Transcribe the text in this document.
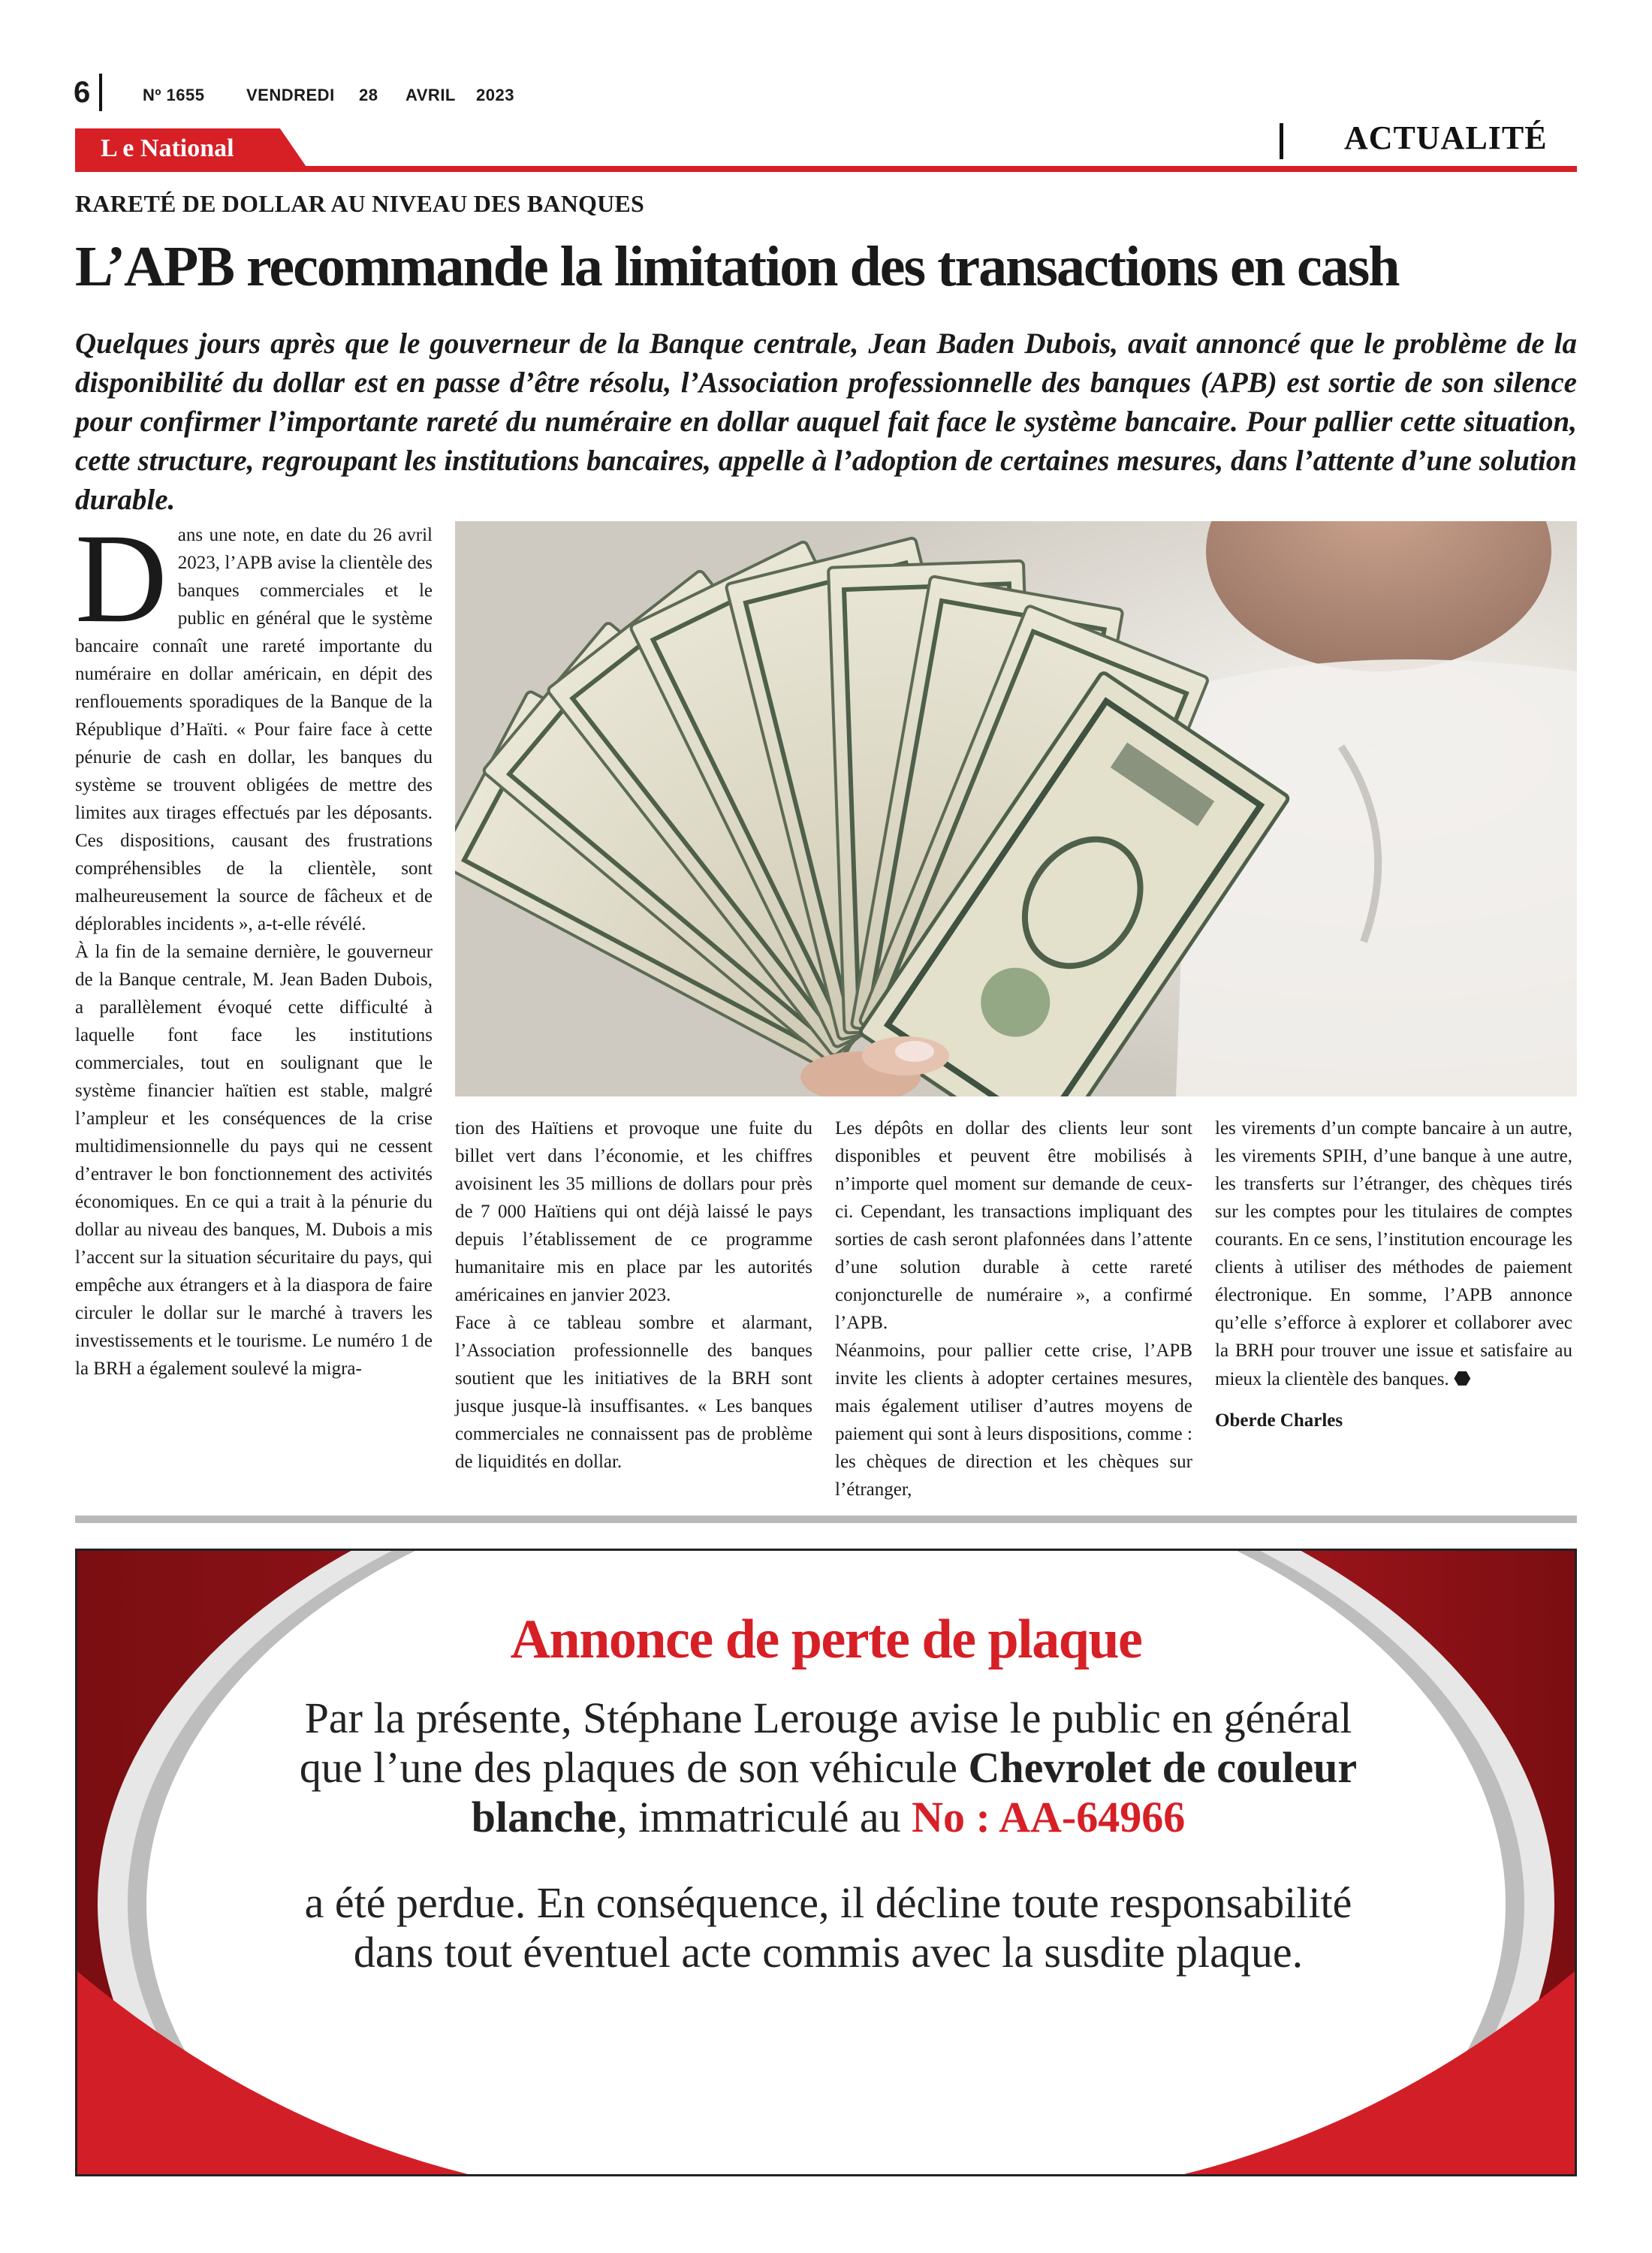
6	Nº 1655	VENDREDI 28 AVRIL 2023
L e National	ACTUALITÉ
RARETÉ DE DOLLAR AU NIVEAU DES BANQUES
L’APB recommande la limitation des transactions en cash

Quelques jours après que le gouverneur de la Banque centrale, Jean Baden Dubois, avait annoncé que le problème de la disponibilité du dollar est en passe d’être résolu, l’Association professionnelle des banques (APB) est sortie de son silence pour confirmer l’importante rareté du numéraire en dollar auquel fait face le système bancaire. Pour pallier cette situation, cette structure, regroupant les institutions bancaires, appelle à l’adoption de certaines mesures, dans l’attente d’une solution durable.

Dans une note, en date du 26 avril 2023, l’APB avise la clientèle des banques commerciales et le public en général que le système bancaire connaît une rareté importante du numéraire en dollar américain, en dépit des renflouements sporadiques de la Banque de la République d’Haïti. « Pour faire face à cette pénurie de cash en dollar, les banques du système se trouvent obligées de mettre des limites aux tirages effectués par les déposants. Ces dispositions, causant des frustrations compréhensibles de la clientèle, sont malheureusement la source de fâcheux et de déplorables incidents », a-t-elle révélé.

À la fin de la semaine dernière, le gouverneur de la Banque centrale, M. Jean Baden Dubois, a parallèlement évoqué cette difficulté à laquelle font face les institutions commerciales, tout en soulignant que le système financier haïtien est stable, malgré l’ampleur et les conséquences de la crise multidimensionnelle du pays qui ne cessent d’entraver le bon fonctionnement des activités économiques. En ce qui a trait à la pénurie du dollar au niveau des banques, M. Dubois a mis l’accent sur la situation sécuritaire du pays, qui empêche aux étrangers et à la diaspora de faire circuler le dollar sur le marché à travers les investissements et le tourisme. Le numéro 1 de la BRH a également soulevé la migra-

tion des Haïtiens et provoque une fuite du billet vert dans l’économie, et les chiffres avoisinent les 35 millions de dollars pour près de 7 000 Haïtiens qui ont déjà laissé le pays depuis l’établissement de ce programme humanitaire mis en place par les autorités américaines en janvier 2023.

Face à ce tableau sombre et alarmant, l’Association professionnelle des banques soutient que les initiatives de la BRH sont jusque jusque-là insuffisantes. « Les banques commerciales ne connaissent pas de problème de liquidités en dollar.

Les dépôts en dollar des clients leur sont disponibles et peuvent être mobilisés à n’importe quel moment sur demande de ceux-ci. Cependant, les transactions impliquant des sorties de cash seront plafonnées dans l’attente d’une solution durable à cette rareté conjoncturelle de numéraire », a confirmé l’APB.

Néanmoins, pour pallier cette crise, l’APB invite les clients à adopter certaines mesures, mais également utiliser d’autres moyens de paiement qui sont à leurs dispositions, comme : les chèques de direction et les chèques sur l’étranger,

les virements d’un compte bancaire à un autre, les virements SPIH, d’une banque à une autre, les transferts sur l’étranger, des chèques tirés sur les comptes pour les titulaires de comptes courants. En ce sens, l’institution encourage les clients à utiliser des méthodes de paiement électronique. En somme, l’APB annonce qu’elle s’efforce à explorer et collaborer avec la BRH pour trouver une issue et satisfaire au mieux la clientèle des banques. ⬣

Oberde Charles
Annonce de perte de plaque

Par la présente, Stéphane Lerouge avise le public en général que l’une des plaques de son véhicule Chevrolet de couleur blanche, immatriculé au No : AA-64966

a été perdue. En conséquence, il décline toute responsabilité dans tout éventuel acte commis avec la susdite plaque.
